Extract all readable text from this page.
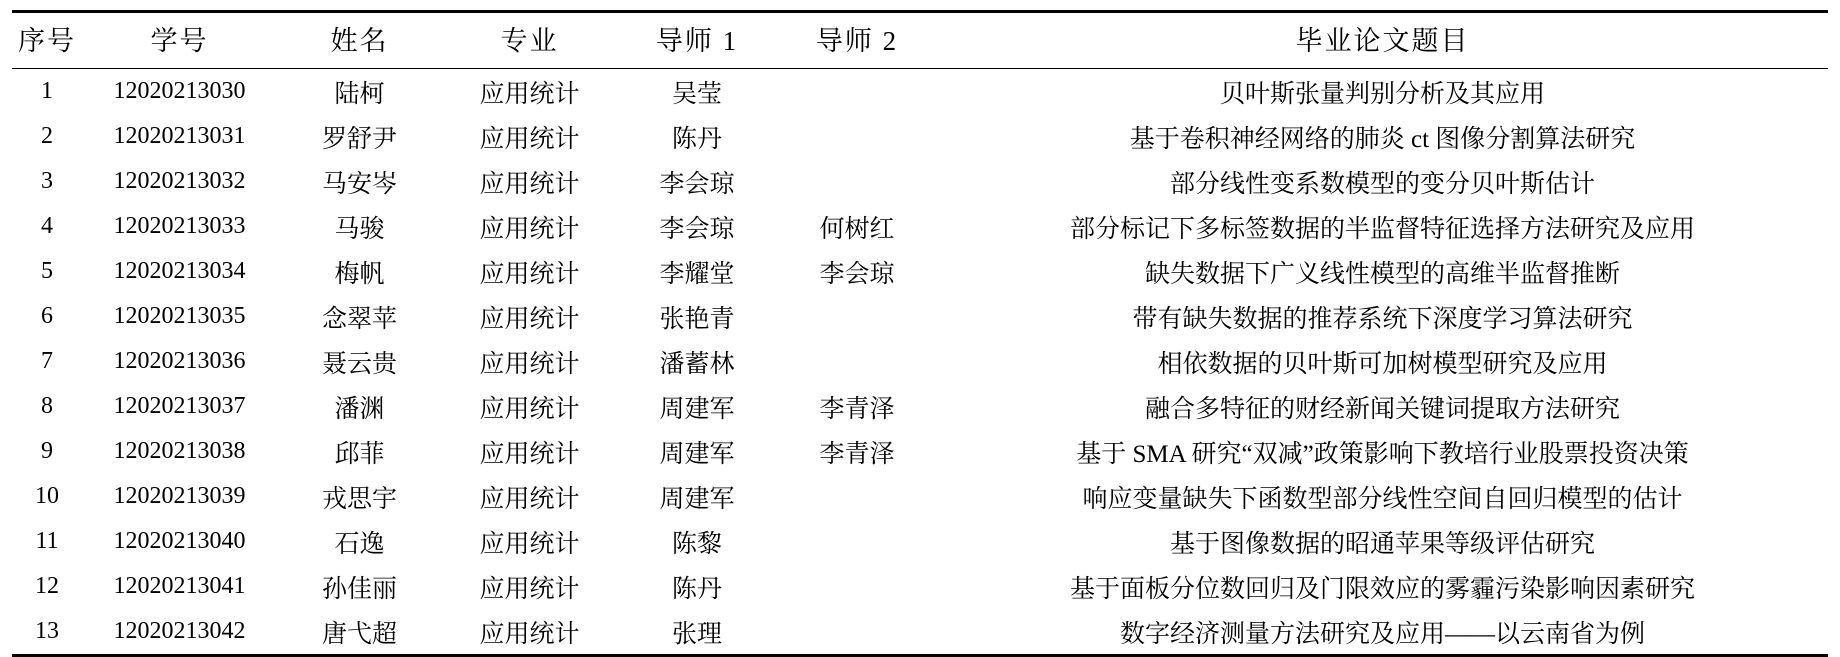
序号	学号	姓名	专业	导师 1	导师 2	毕业论文题目
1	12020213030	陆柯	应用统计	吴莹		贝叶斯张量判别分析及其应用
2	12020213031	罗舒尹	应用统计	陈丹		基于卷积神经网络的肺炎 ct 图像分割算法研究
3	12020213032	马安岑	应用统计	李会琼		部分线性变系数模型的变分贝叶斯估计
4	12020213033	马骏	应用统计	李会琼	何树红	部分标记下多标签数据的半监督特征选择方法研究及应用
5	12020213034	梅帆	应用统计	李耀堂	李会琼	缺失数据下广义线性模型的高维半监督推断
6	12020213035	念翠苹	应用统计	张艳青		带有缺失数据的推荐系统下深度学习算法研究
7	12020213036	聂云贵	应用统计	潘蓄林		相依数据的贝叶斯可加树模型研究及应用
8	12020213037	潘渊	应用统计	周建军	李青泽	融合多特征的财经新闻关键词提取方法研究
9	12020213038	邱菲	应用统计	周建军	李青泽	基于 SMA 研究“双减”政策影响下教培行业股票投资决策
10	12020213039	戎思宇	应用统计	周建军		响应变量缺失下函数型部分线性空间自回归模型的估计
11	12020213040	石逸	应用统计	陈黎		基于图像数据的昭通苹果等级评估研究
12	12020213041	孙佳丽	应用统计	陈丹		基于面板分位数回归及门限效应的雾霾污染影响因素研究
13	12020213042	唐弋超	应用统计	张理		数字经济测量方法研究及应用——以云南省为例
